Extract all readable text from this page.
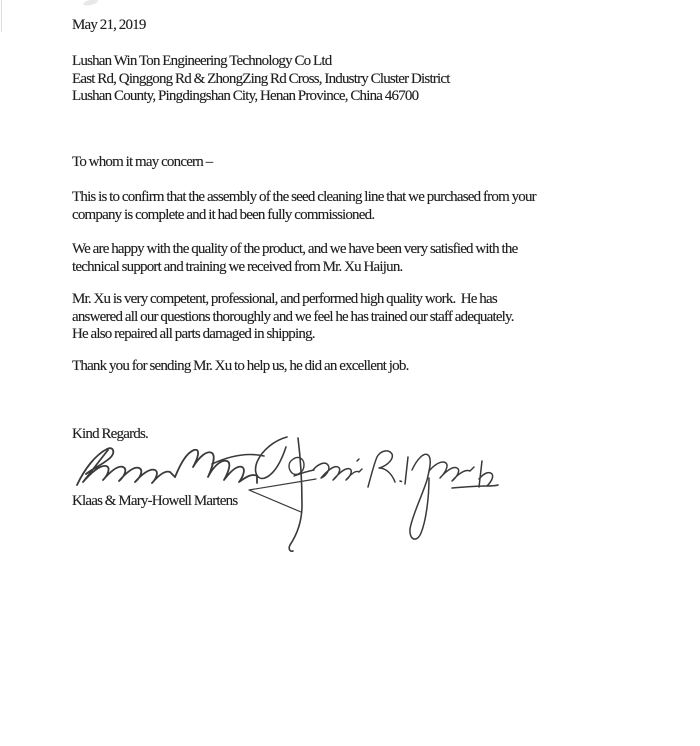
May 21, 2019
Lushan Win Ton Engineering Technology Co Ltd
East Rd, Qinggong Rd & ZhongZing Rd Cross, Industry Cluster District
Lushan County, Pingdingshan City, Henan Province, China 46700
To whom it may concern –
This is to confirm that the assembly of the seed cleaning line that we purchased from your
company is complete and it had been fully commissioned.
We are happy with the quality of the product, and we have been very satisfied with the
technical support and training we received from Mr. Xu Haijun.
Mr. Xu is very competent, professional, and performed high quality work.  He has
answered all our questions thoroughly and we feel he has trained our staff adequately.
He also repaired all parts damaged in shipping.
Thank you for sending Mr. Xu to help us, he did an excellent job.
Kind Regards.
Klaas & Mary-Howell Martens
